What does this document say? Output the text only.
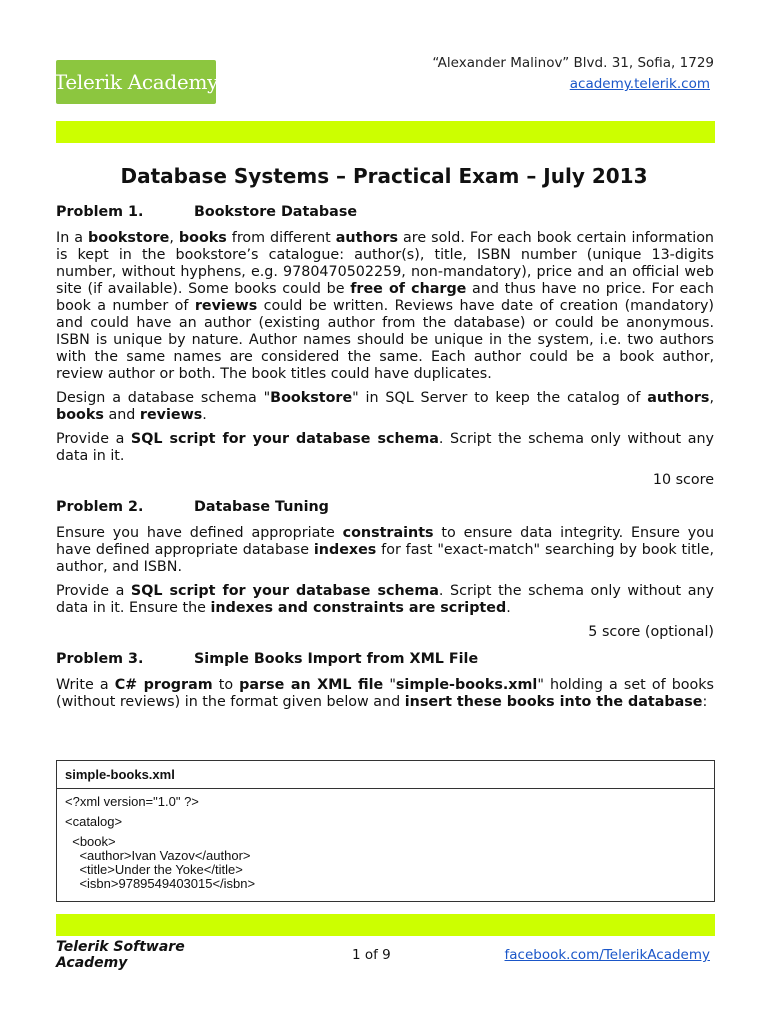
Telerik Academy
“Alexander Malinov” Blvd. 31, Sofia, 1729
academy.telerik.com
Database Systems – Practical Exam – July 2013
Problem 1.	Bookstore Database

In a bookstore, books from different authors are sold. For each book certain information is kept in the bookstore’s catalogue: author(s), title, ISBN number (unique 13-digits number, without hyphens, e.g. 9780470502259, non-mandatory), price and an official web site (if available). Some books could be free of charge and thus have no price. For each book a number of reviews could be written. Reviews have date of creation (mandatory) and could have an author (existing author from the database) or could be anonymous. ISBN is unique by nature. Author names should be unique in the system, i.e. two authors with the same names are considered the same. Each author could be a book author, review author or both. The book titles could have duplicates.

Design a database schema "Bookstore" in SQL Server to keep the catalog of authors, books and reviews.

Provide a SQL script for your database schema. Script the schema only without any data in it.

10 score
Problem 2.	Database Tuning

Ensure you have defined appropriate constraints to ensure data integrity. Ensure you have defined appropriate database indexes for fast "exact-match" searching by book title, author, and ISBN.

Provide a SQL script for your database schema. Script the schema only without any data in it. Ensure the indexes and constraints are scripted.

5 score (optional)
Problem 3.	Simple Books Import from XML File

Write a C# program to parse an XML file "simple-books.xml" holding a set of books (without reviews) in the format given below and insert these books into the database:

simple-books.xml
<?xml version="1.0" ?>
<catalog>
<book>
<author>Ivan Vazov</author>
<title>Under the Yoke</title>
<isbn>9789549403015</isbn>
Telerik Software
Academy	1 of 9	facebook.com/TelerikAcademy
